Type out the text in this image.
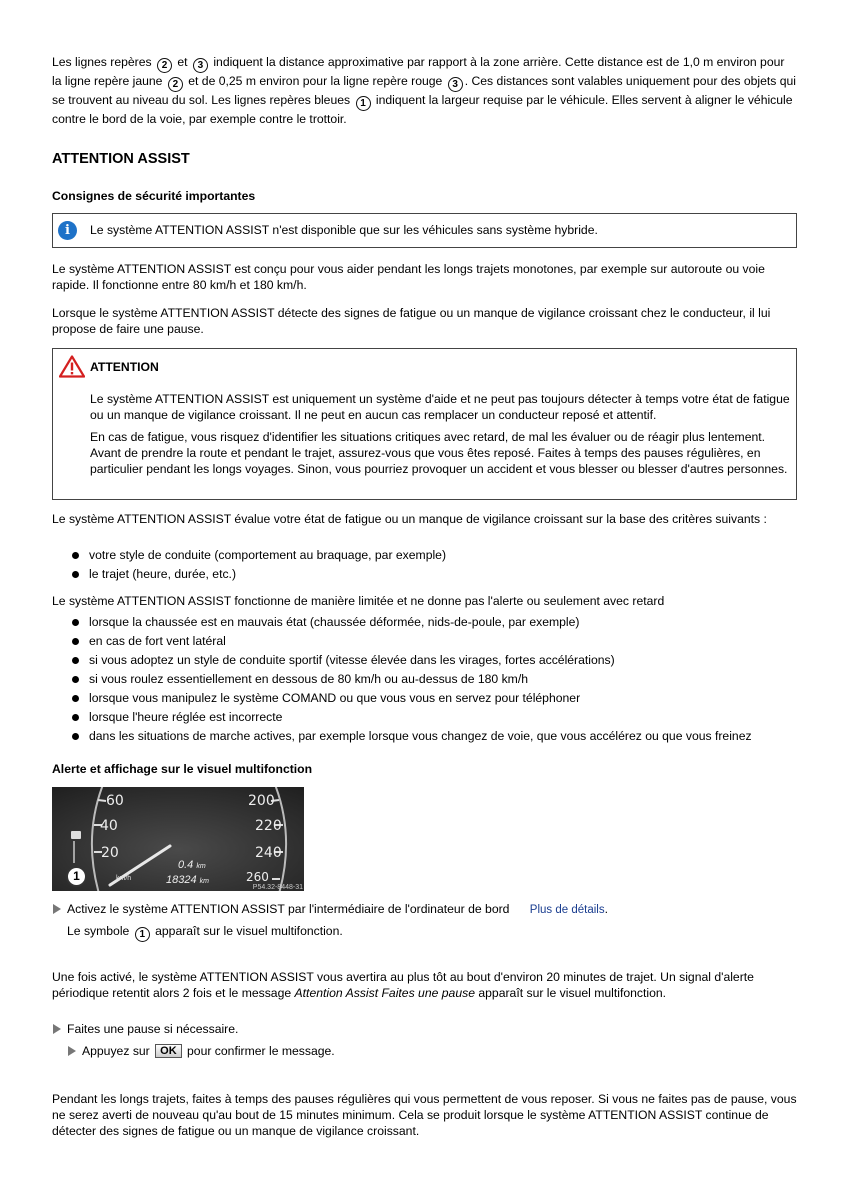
Les lignes repères 2 et 3 indiquent la distance approximative par rapport à la zone arrière. Cette distance est de 1,0 m environ pour la ligne repère jaune 2 et de 0,25 m environ pour la ligne repère rouge 3 . Ces distances sont valables uniquement pour des objets qui se trouvent au niveau du sol. Les lignes repères bleues 1 indiquent la largeur requise par le véhicule. Elles servent à aligner le véhicule contre le bord de la voie, par exemple contre le trottoir.

ATTENTION ASSIST
Consignes de sécurité importantes
i	Le système ATTENTION ASSIST n'est disponible que sur les véhicules sans système hybride.

Le système ATTENTION ASSIST est conçu pour vous aider pendant les longs trajets monotones, par exemple sur autoroute ou voie rapide. Il fonctionne entre 80 km/h et 180 km/h.

Lorsque le système ATTENTION ASSIST détecte des signes de fatigue ou un manque de vigilance croissant chez le conducteur, il lui propose de faire une pause.

ATTENTION

Le système ATTENTION ASSIST est uniquement un système d'aide et ne peut pas toujours détecter à temps votre état de fatigue ou un manque de vigilance croissant. Il ne peut en aucun cas remplacer un conducteur reposé et attentif.

En cas de fatigue, vous risquez d'identifier les situations critiques avec retard, de mal les évaluer ou de réagir plus lentement. Avant de prendre la route et pendant le trajet, assurez-vous que vous êtes reposé. Faites à temps des pauses régulières, en particulier pendant les longs voyages. Sinon, vous pourriez provoquer un accident et vous blesser ou blesser d'autres personnes.

Le système ATTENTION ASSIST évalue votre état de fatigue ou un manque de vigilance croissant sur la base des critères suivants :

votre style de conduite (comportement au braquage, par exemple)
le trajet (heure, durée, etc.)

Le système ATTENTION ASSIST fonctionne de manière limitée et ne donne pas l'alerte ou seulement avec retard

lorsque la chaussée est en mauvais état (chaussée déformée, nids-de-poule, par exemple)
en cas de fort vent latéral
si vous adoptez un style de conduite sportif (vitesse élevée dans les virages, fortes accélérations)
si vous roulez essentiellement en dessous de 80 km/h ou au-dessus de 180 km/h
lorsque vous manipulez le système COMAND ou que vous vous en servez pour téléphoner
lorsque l'heure réglée est incorrecte
dans les situations de marche actives, par exemple lorsque vous changez de voie, que vous accélérez ou que vous freinez
Alerte et affichage sur le visuel multifonction
60
40
20
200
220
240
260
km/h
0.4 km
18324 km
P54.32-8448-31
1

Activez le système ATTENTION ASSIST par l'intermédiaire de l'ordinateur de bord Plus de détails.

Le symbole 1 apparaît sur le visuel multifonction.

Une fois activé, le système ATTENTION ASSIST vous avertira au plus tôt au bout d'environ 20 minutes de trajet. Un signal d'alerte périodique retentit alors 2 fois et le message Attention Assist Faites une pause apparaît sur le visuel multifonction.

Faites une pause si nécessaire.

Appuyez sur OK pour confirmer le message.

Pendant les longs trajets, faites à temps des pauses régulières qui vous permettent de vous reposer. Si vous ne faites pas de pause, vous ne serez averti de nouveau qu'au bout de 15 minutes minimum. Cela se produit lorsque le système ATTENTION ASSIST continue de détecter des signes de fatigue ou un manque de vigilance croissant.
